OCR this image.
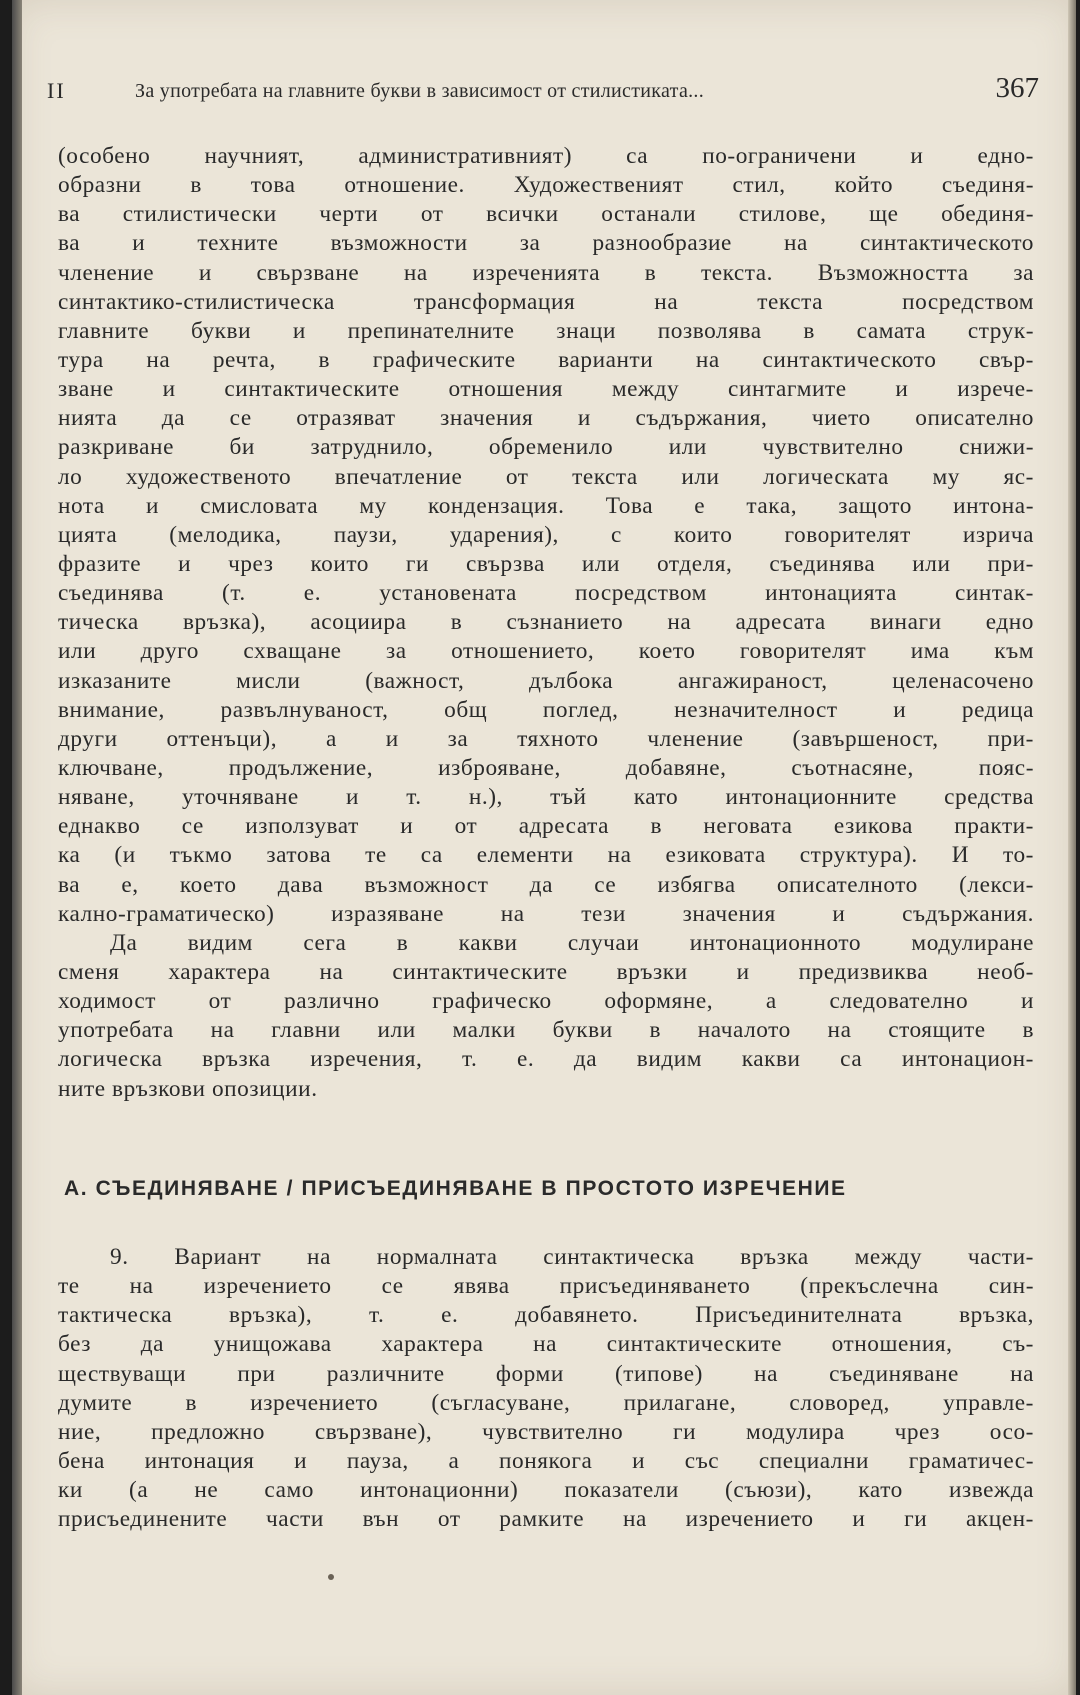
II	За употребата на главните букви в зависимост от стилистиката...	367
(особено научният, административният) са по-ограничени и едно-
образни в това отношение. Художественият стил, който съединя-
ва стилистически черти от всички останали стилове, ще обединя-
ва и техните възможности за разнообразие на синтактическото
членение и свързване на изреченията в текста. Възможността за
синтактико-стилистическа трансформация на текста посредством
главните букви и препинателните знаци позволява в самата струк-
тура на речта, в графическите варианти на синтактическото свър-
зване и синтактическите отношения между синтагмите и изрече-
нията да се отразяват значения и съдържания, чието описателно
разкриване би затруднило, обременило или чувствително снижи-
ло художественото впечатление от текста или логическата му яс-
нота и смисловата му кондензация. Това е така, защото интона-
цията (мелодика, паузи, ударения), с които говорителят изрича
фразите и чрез които ги свързва или отделя, съединява или при-
съединява (т. е. установената посредством интонацията синтак-
тическа връзка), асоциира в съзнанието на адресата винаги едно
или друго схващане за отношението, което говорителят има към
изказаните мисли (важност, дълбока ангажираност, целенасочено
внимание, развълнуваност, общ поглед, незначителност и редица
други оттенъци), а и за тяхното членение (завършеност, при-
ключване, продължение, изброяване, добавяне, съотнасяне, пояс-
няване, уточняване и т. н.), тъй като интонационните средства
еднакво се използуват и от адресата в неговата езикова практи-
ка (и тъкмо затова те са елементи на езиковата структура). И то-
ва е, което дава възможност да се избягва описателното (лекси-
кално-граматическо) изразяване на тези значения и съдържания.
Да видим сега в какви случаи интонационното модулиране
сменя характера на синтактическите връзки и предизвиква необ-
ходимост от различно графическо оформяне, а следователно и
употребата на главни или малки букви в началото на стоящите в
логическа връзка изречения, т. е. да видим какви са интонацион-
ните връзкови опозиции.
А. СЪЕДИНЯВАНЕ / ПРИСЪЕДИНЯВАНЕ В ПРОСТОТО ИЗРЕЧЕНИЕ
9. Вариант на нормалната синтактическа връзка между части-
те на изречението се явява присъединяването (прекъслечна син-
тактическа връзка), т. е. добавянето. Присъединителната връзка,
без да унищожава характера на синтактическите отношения, съ-
ществуващи при различните форми (типове) на съединяване на
думите в изречението (съгласуване, прилагане, словоред, управле-
ние, предложно свързване), чувствително ги модулира чрез осо-
бена интонация и пауза, а понякога и със специални граматичес-
ки (а не само интонационни) показатели (съюзи), като извежда
присъединените части вън от рамките на изречението и ги акцен-
